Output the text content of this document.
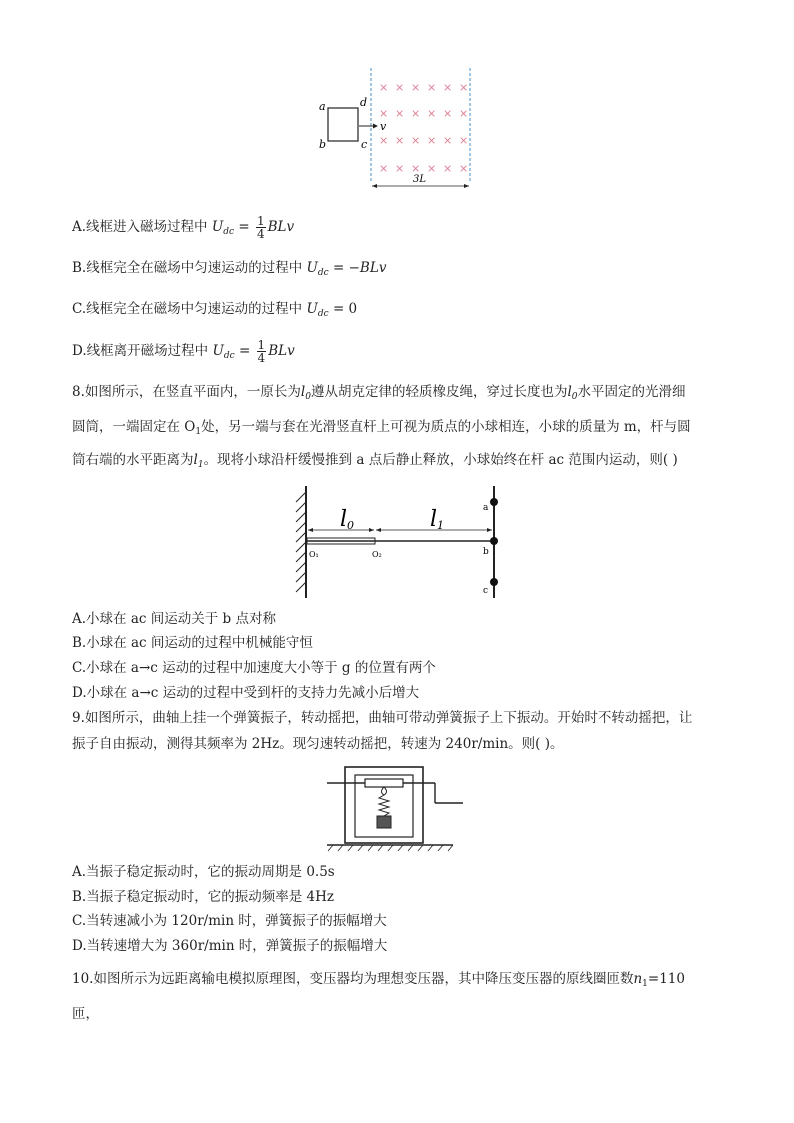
× × × × × ×
× × × × × ×
× × × × × ×
× × × × × ×
a
b
d
c
v
3L
A.线框进入磁场过程中 $U_{dc} = \frac{1}{4}$ BLv
B.线框完全在磁场中匀速运动的过程中 $U_{dc} = -BLv$
C.线框完全在磁场中匀速运动的过程中 $U_{dc} = 0$
D.线框离开磁场过程中 $U_{dc} = \frac{1}{4}$ BLv
8.如图所示，在竖直平面内，一原长为$l_0$遵从胡克定律的轻质橡皮绳，穿过长度也为$l_0$水平固定的光滑细
圆筒，一端固定在 $O_1$处，另一端与套在光滑竖直杆上可视为质点的小球相连，小球的质量为 m，杆与圆
筒右端的水平距离为$l_1$。现将小球沿杆缓慢推到 a 点后静止释放，小球始终在杆 ac 范围内运动，则( )
l0	l1
O₁	O₂
a
b
c
A.小球在 ac 间运动关于 b 点对称
B.小球在 ac 间运动的过程中机械能守恒
C.小球在 a→c 运动的过程中加速度大小等于 g 的位置有两个
D.小球在 a→c 运动的过程中受到杆的支持力先减小后增大
9.如图所示，曲轴上挂一个弹簧振子，转动摇把，曲轴可带动弹簧振子上下振动。开始时不转动摇把，让
振子自由振动，测得其频率为 2Hz。现匀速转动摇把，转速为 240r/min。则( )。
A.当振子稳定振动时，它的振动周期是 0.5s
B.当振子稳定振动时，它的振动频率是 4Hz
C.当转速减小为 120r/min 时，弹簧振子的振幅增大
D.当转速增大为 360r/min 时，弹簧振子的振幅增大
10.如图所示为远距离输电模拟原理图，变压器均为理想变压器，其中降压变压器的原线圈匝数$n_1=110$
匝，
